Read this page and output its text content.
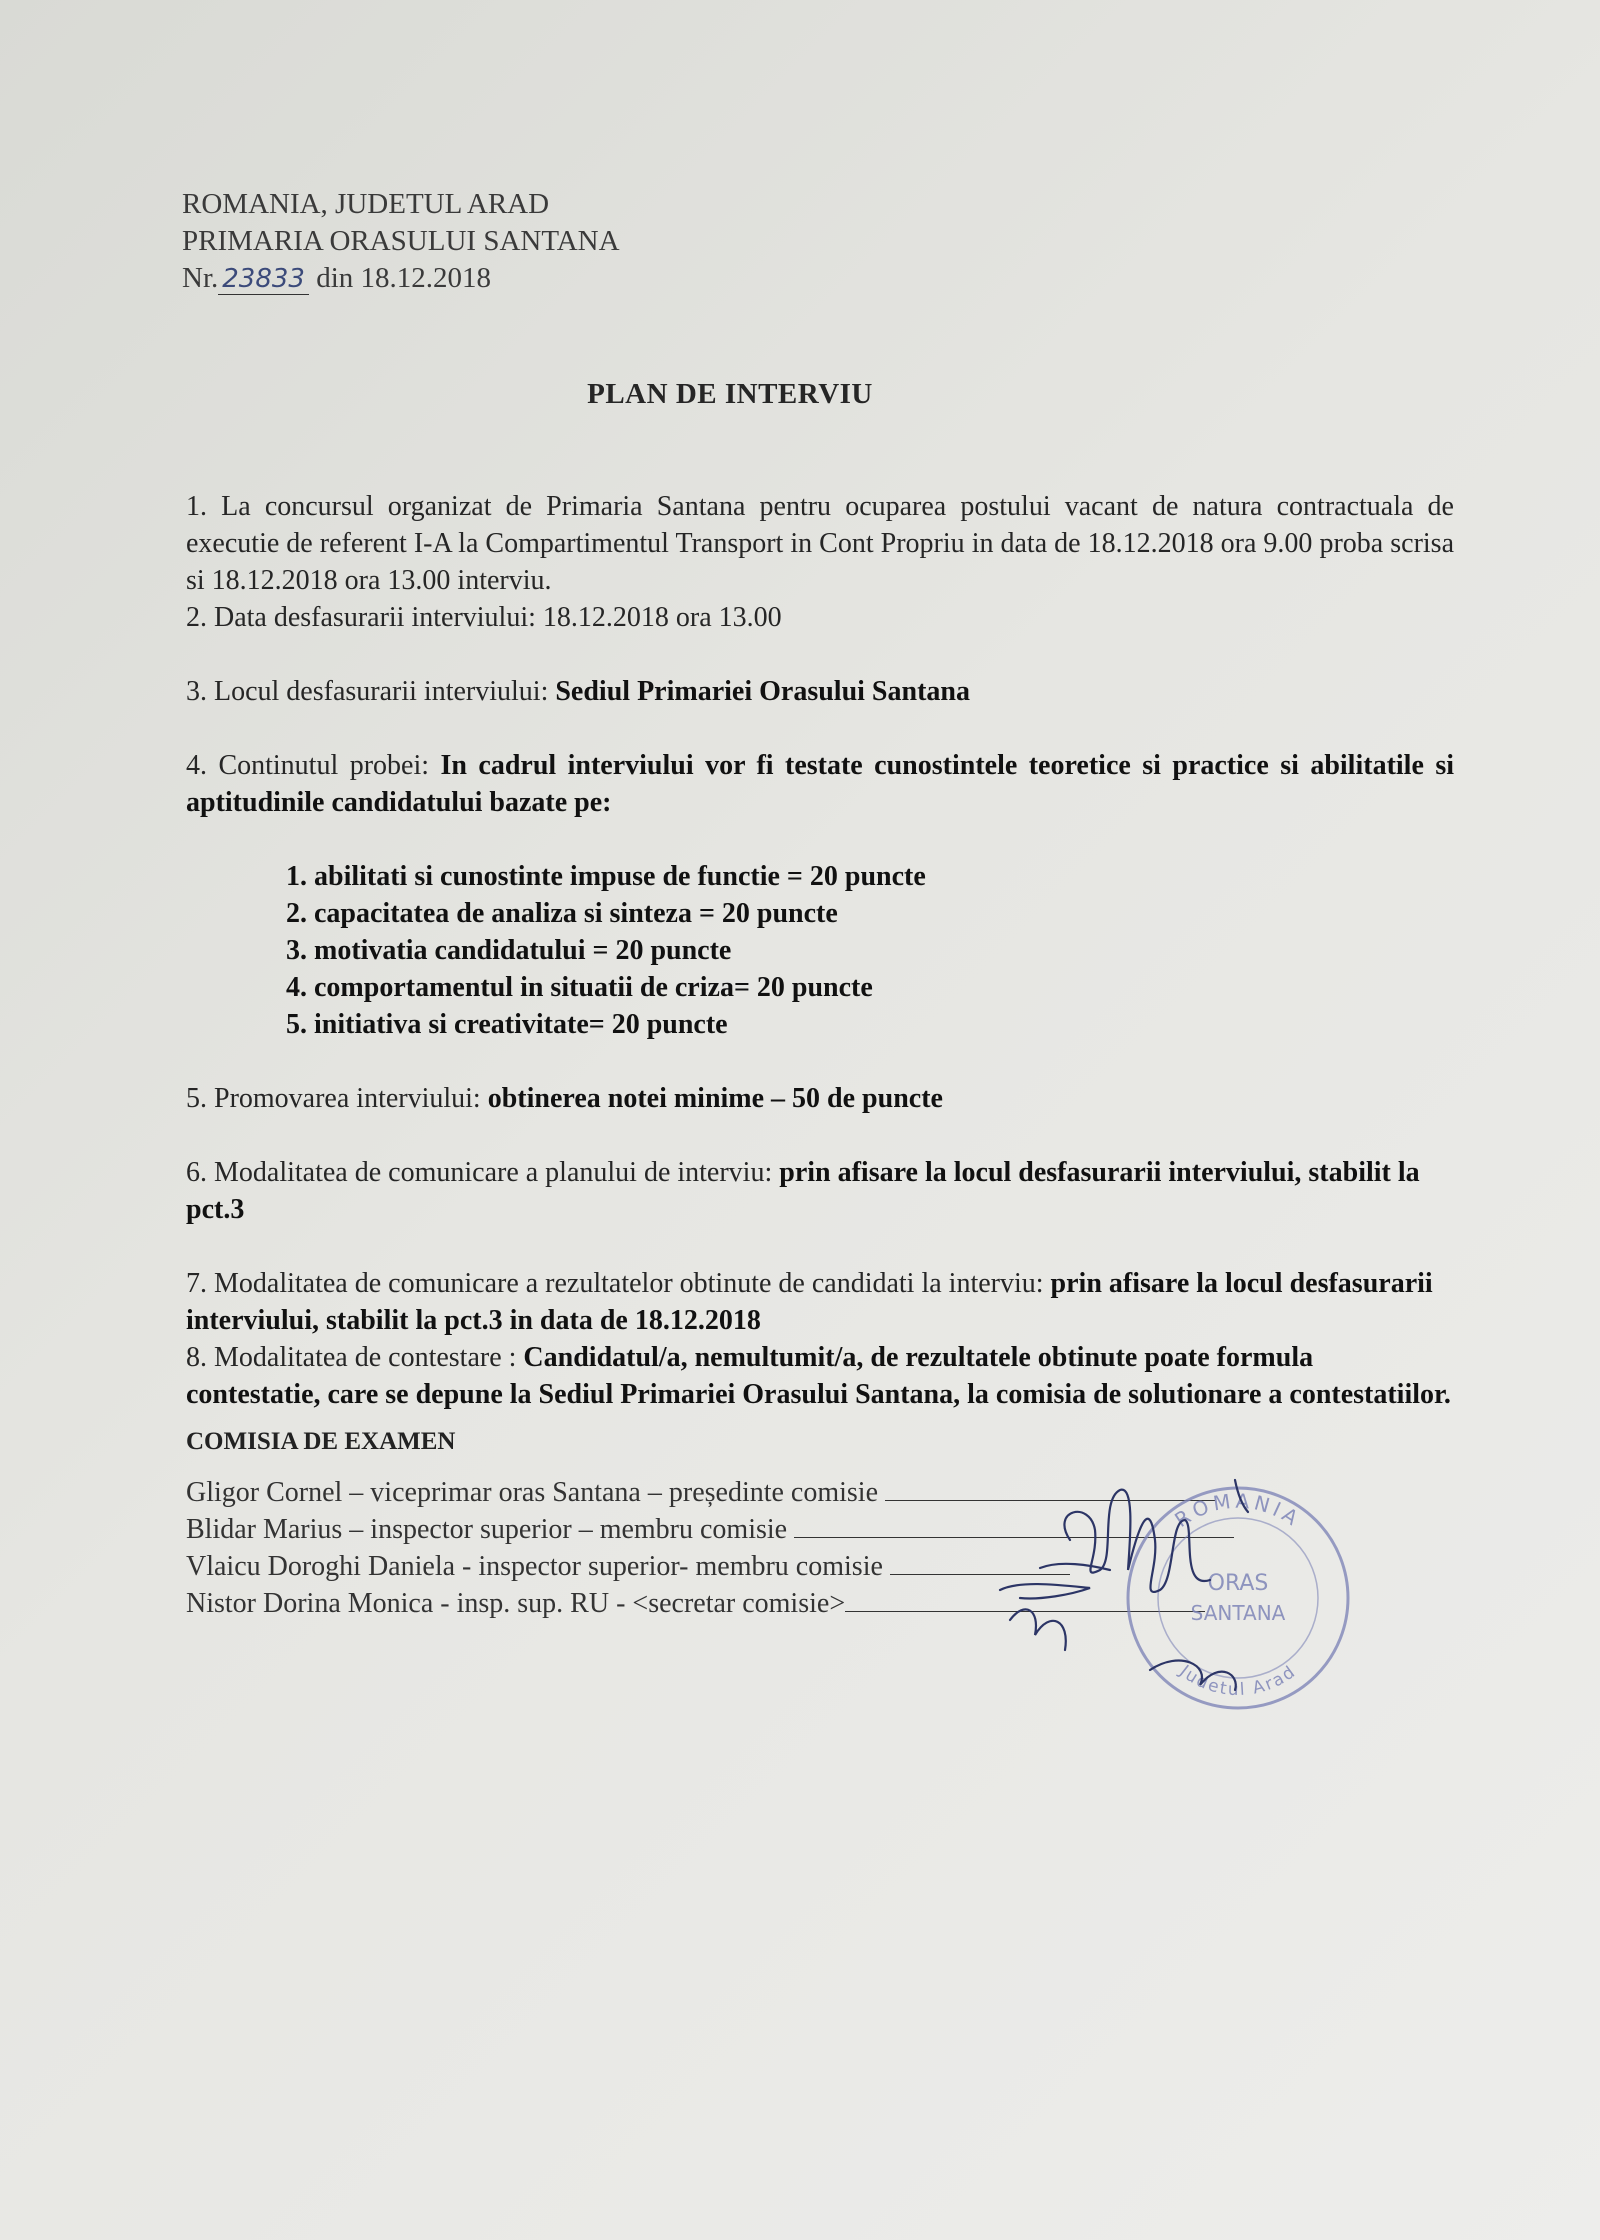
ROMANIA, JUDETUL ARAD
PRIMARIA ORASULUI SANTANA
Nr. 23833 din 18.12.2018
PLAN DE INTERVIU

1. La concursul organizat de Primaria Santana pentru ocuparea postului vacant de natura contractuala de executie de referent I-A la Compartimentul Transport in Cont Propriu in data de 18.12.2018 ora 9.00 proba scrisa si 18.12.2018 ora 13.00 interviu.

2. Data desfasurarii interviului: 18.12.2018 ora 13.00

3. Locul desfasurarii interviului: Sediul Primariei Orasului Santana

4. Continutul probei: In cadrul interviului vor fi testate cunostintele teoretice si practice si abilitatile si aptitudinile candidatului bazate pe:

1. abilitati si cunostinte impuse de functie = 20 puncte

2. capacitatea de analiza si sinteza = 20 puncte

3. motivatia candidatului = 20 puncte

4. comportamentul in situatii de criza= 20 puncte

5. initiativa si creativitate= 20 puncte

5. Promovarea interviului: obtinerea notei minime – 50 de puncte

6. Modalitatea de comunicare a planului de interviu: prin afisare la locul desfasurarii interviului, stabilit la pct.3

7. Modalitatea de comunicare a rezultatelor obtinute de candidati la interviu: prin afisare la locul desfasurarii interviului, stabilit la pct.3 in data de 18.12.2018

8. Modalitatea de contestare : Candidatul/a, nemultumit/a, de rezultatele obtinute poate formula contestatie, care se depune la Sediul Primariei Orasului Santana, la comisia de solutionare a contestatiilor.

COMISIA DE EXAMEN
Gligor Cornel – viceprimar oras Santana – președinte comisie
Blidar Marius – inspector superior – membru comisie
Vlaicu Doroghi Daniela - inspector superior- membru comisie
Nistor Dorina Monica - insp. sup. RU - <secretar comisie>
ROMANIA
ORAS
SANTANA
Judetul Arad
